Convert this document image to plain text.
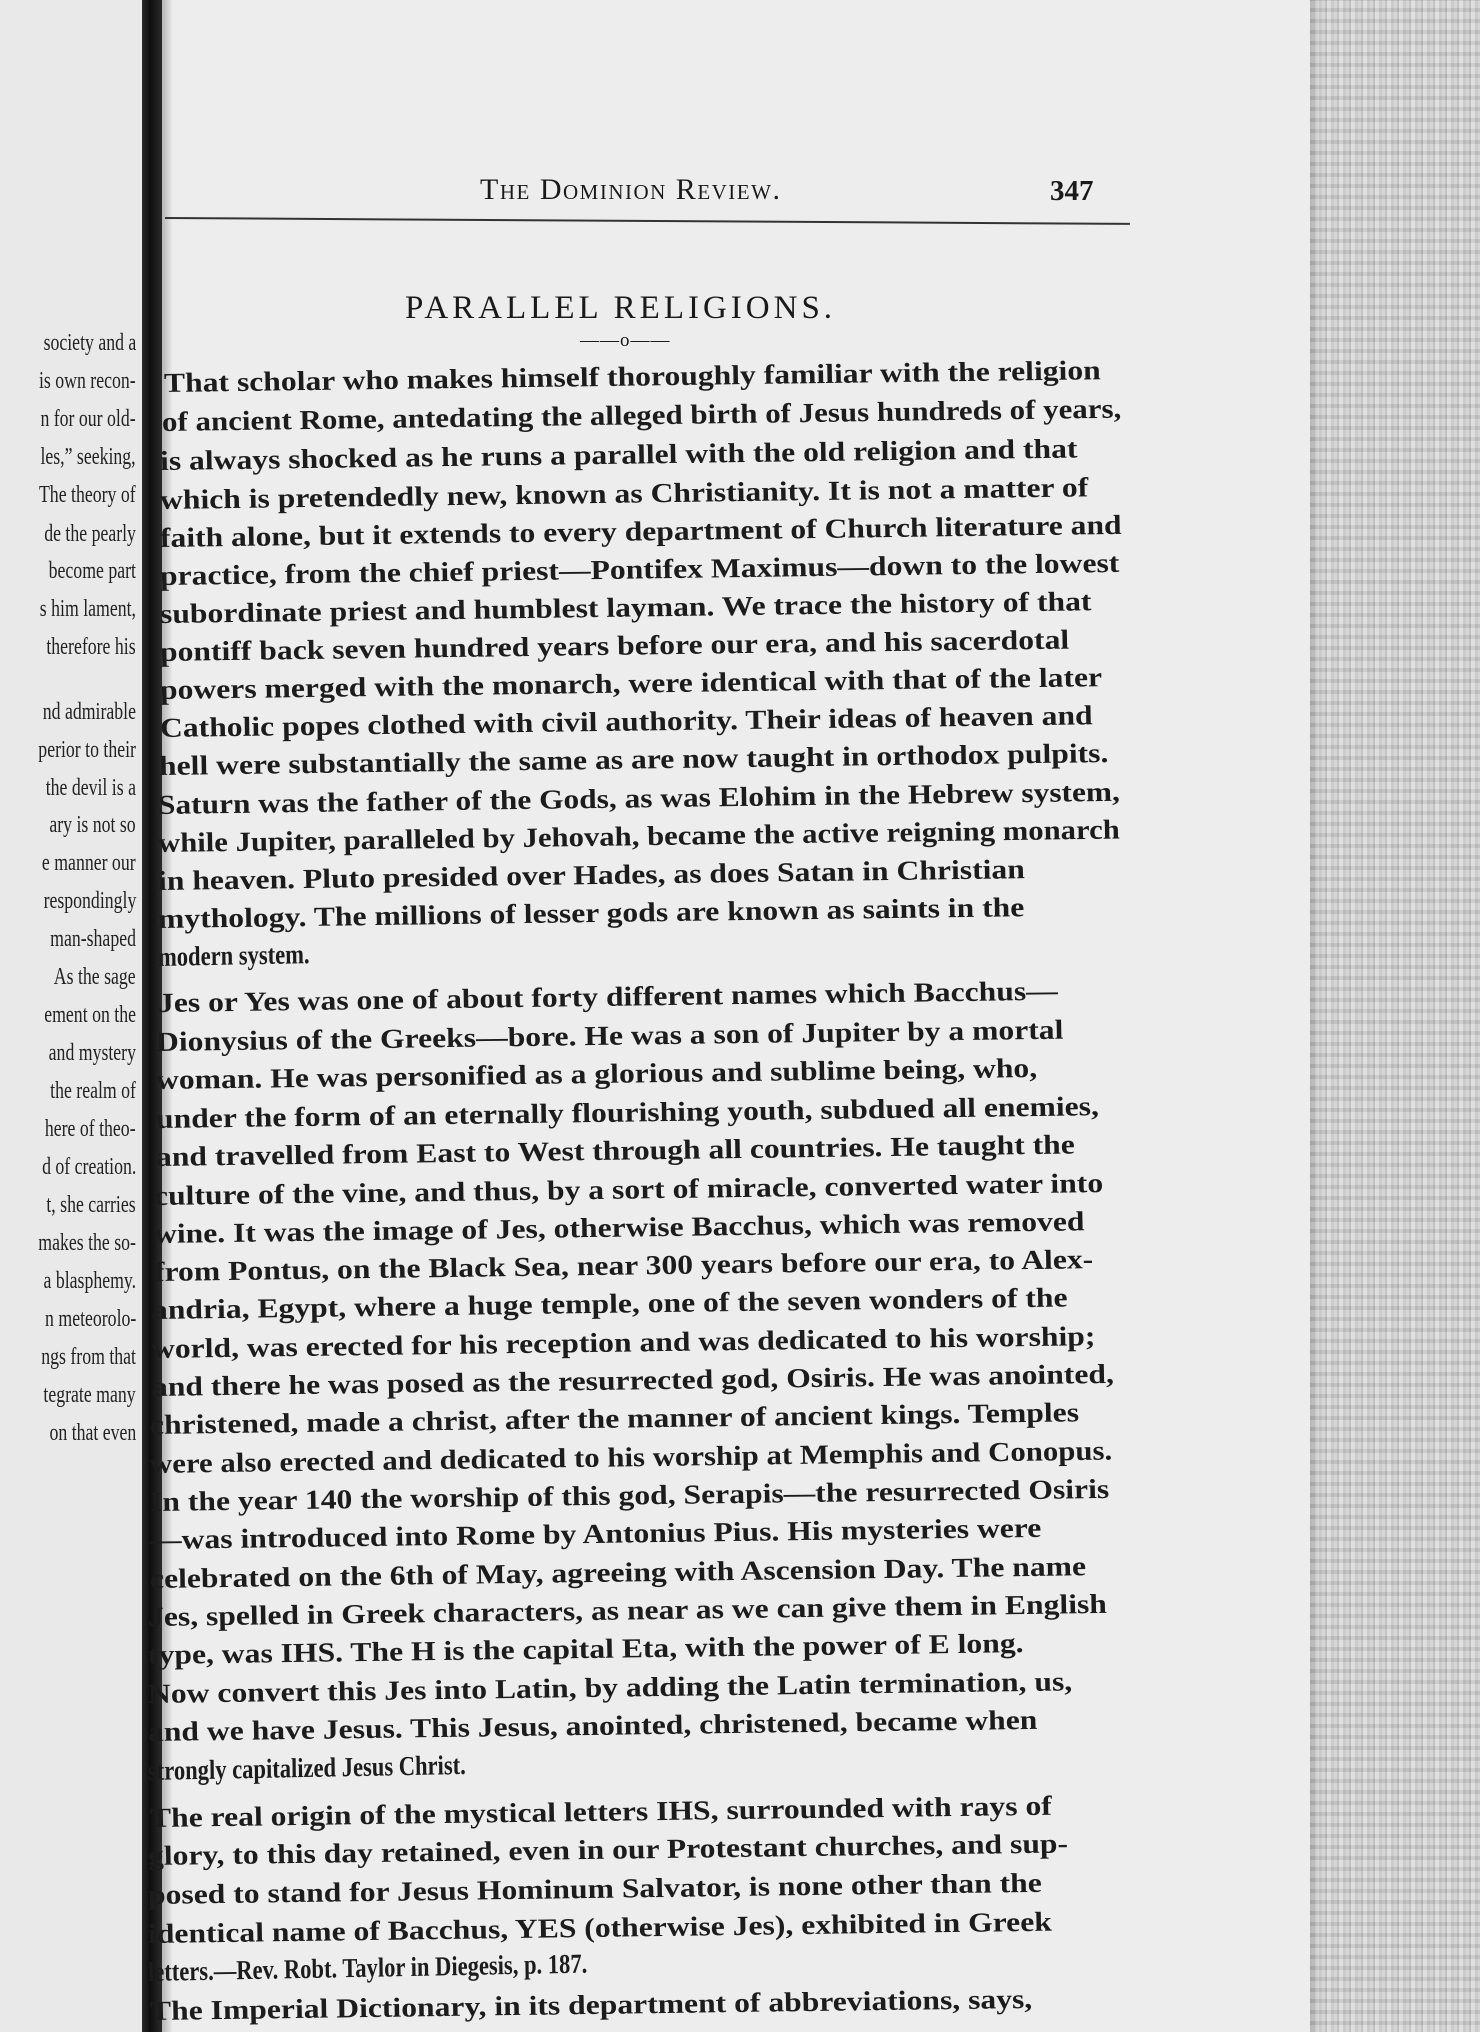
society and a
is own recon-
n for our old-
les,” seeking,
The theory of
de the pearly
become part
s him lament,
therefore his
nd admirable
perior to their
the devil is a
ary is not so
e manner our
respondingly
man-shaped
As the sage
ement on the
and mystery
the realm of
here of theo-
d of creation.
t, she carries
makes the so-
a blasphemy.
n meteorolo-
ngs from that
tegrate many
on that even
The Dominion Review.	347
PARALLEL RELIGIONS.
——o——
That scholar who makes himself thoroughly familiar with the religion
of ancient Rome, antedating the alleged birth of Jesus hundreds of years,
is always shocked as he runs a parallel with the old religion and that
which is pretendedly new, known as Christianity. It is not a matter of
faith alone, but it extends to every department of Church literature and
practice, from the chief priest—Pontifex Maximus—down to the lowest
subordinate priest and humblest layman. We trace the history of that
pontiff back seven hundred years before our era, and his sacerdotal
powers merged with the monarch, were identical with that of the later
Catholic popes clothed with civil authority. Their ideas of heaven and
hell were substantially the same as are now taught in orthodox pulpits.
Saturn was the father of the Gods, as was Elohim in the Hebrew system,
while Jupiter, paralleled by Jehovah, became the active reigning monarch
in heaven. Pluto presided over Hades, as does Satan in Christian
mythology. The millions of lesser gods are known as saints in the
modern system.
Jes or Yes was one of about forty different names which Bacchus—
Dionysius of the Greeks—bore. He was a son of Jupiter by a mortal
woman. He was personified as a glorious and sublime being, who,
under the form of an eternally flourishing youth, subdued all enemies,
and travelled from East to West through all countries. He taught the
culture of the vine, and thus, by a sort of miracle, converted water into
wine. It was the image of Jes, otherwise Bacchus, which was removed
from Pontus, on the Black Sea, near 300 years before our era, to Alex-
andria, Egypt, where a huge temple, one of the seven wonders of the
world, was erected for his reception and was dedicated to his worship;
and there he was posed as the resurrected god, Osiris. He was anointed,
christened, made a christ, after the manner of ancient kings. Temples
were also erected and dedicated to his worship at Memphis and Conopus.
In the year 140 the worship of this god, Serapis—the resurrected Osiris
—was introduced into Rome by Antonius Pius. His mysteries were
celebrated on the 6th of May, agreeing with Ascension Day. The name
Jes, spelled in Greek characters, as near as we can give them in English
type, was IHS. The H is the capital Eta, with the power of E long.
Now convert this Jes into Latin, by adding the Latin termination, us,
and we have Jesus. This Jesus, anointed, christened, became when
strongly capitalized Jesus Christ.
The real origin of the mystical letters IHS, surrounded with rays of
glory, to this day retained, even in our Protestant churches, and sup-
posed to stand for Jesus Hominum Salvator, is none other than the
identical name of Bacchus, YES (otherwise Jes), exhibited in Greek
letters.—Rev. Robt. Taylor in Diegesis, p. 187.
The Imperial Dictionary, in its department of abbreviations, says,
